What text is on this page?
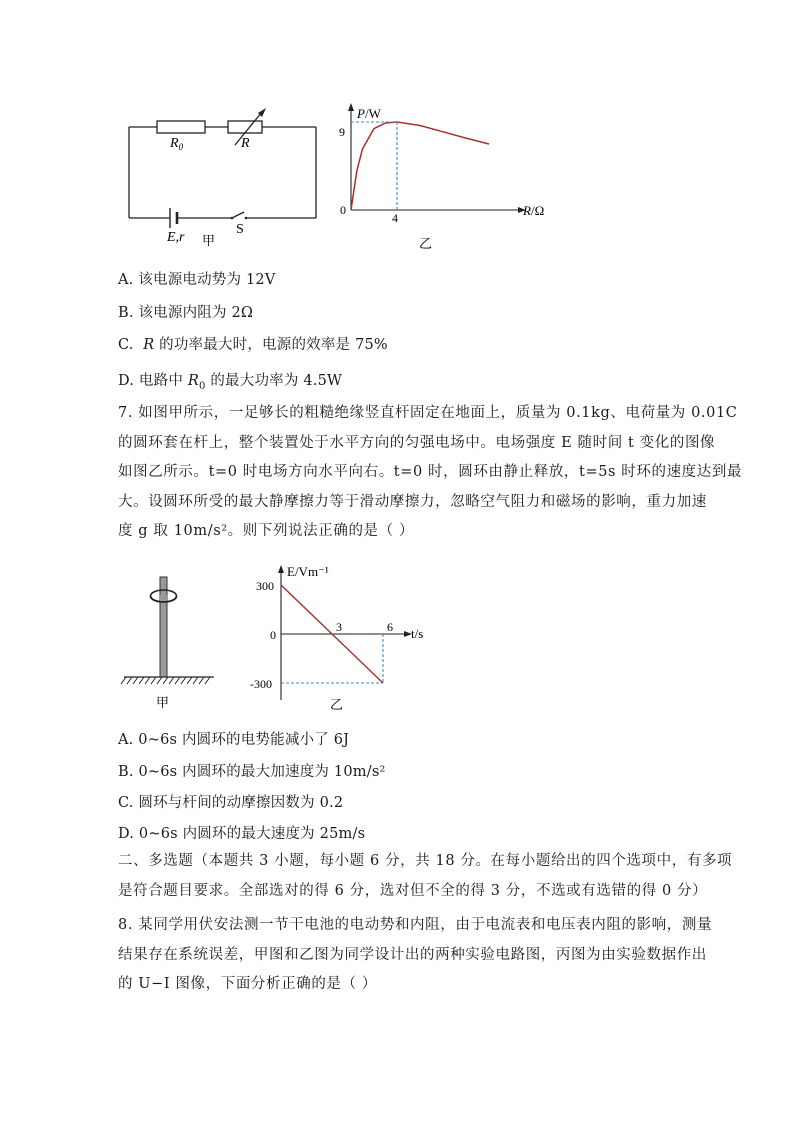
$R_0$	R
E,r
S
甲
P/W
R/Ω
9
4
0
乙
A. 该电源电动势为 12V
B. 该电源内阻为 2Ω
C. R 的功率最大时，电源的效率是 75%
D. 电路中 $R_0$ 的最大功率为 4.5W
7. 如图甲所示，一足够长的粗糙绝缘竖直杆固定在地面上，质量为 0.1kg、电荷量为 0.01C
的圆环套在杆上，整个装置处于水平方向的匀强电场中。电场强度 E 随时间 t 变化的图像
如图乙所示。t=0 时电场方向水平向右。t=0 时，圆环由静止释放，t=5s 时环的速度达到最
大。设圆环所受的最大静摩擦力等于滑动摩擦力，忽略空气阻力和磁场的影响，重力加速
度 g 取 10m/s²。则下列说法正确的是（ ）
甲
E/Vm⁻¹
t/s
300
0
-300
3	6
乙
A. 0~6s 内圆环的电势能减小了 6J
B. 0~6s 内圆环的最大加速度为 10m/s²
C. 圆环与杆间的动摩擦因数为 0.2
D. 0~6s 内圆环的最大速度为 25m/s
二、多选题（本题共 3 小题，每小题 6 分，共 18 分。在每小题给出的四个选项中，有多项
是符合题目要求。全部选对的得 6 分，选对但不全的得 3 分，不选或有选错的得 0 分）
8. 某同学用伏安法测一节干电池的电动势和内阻，由于电流表和电压表内阻的影响，测量
结果存在系统误差，甲图和乙图为同学设计出的两种实验电路图，丙图为由实验数据作出
的 U−I 图像，下面分析正确的是（ ）
